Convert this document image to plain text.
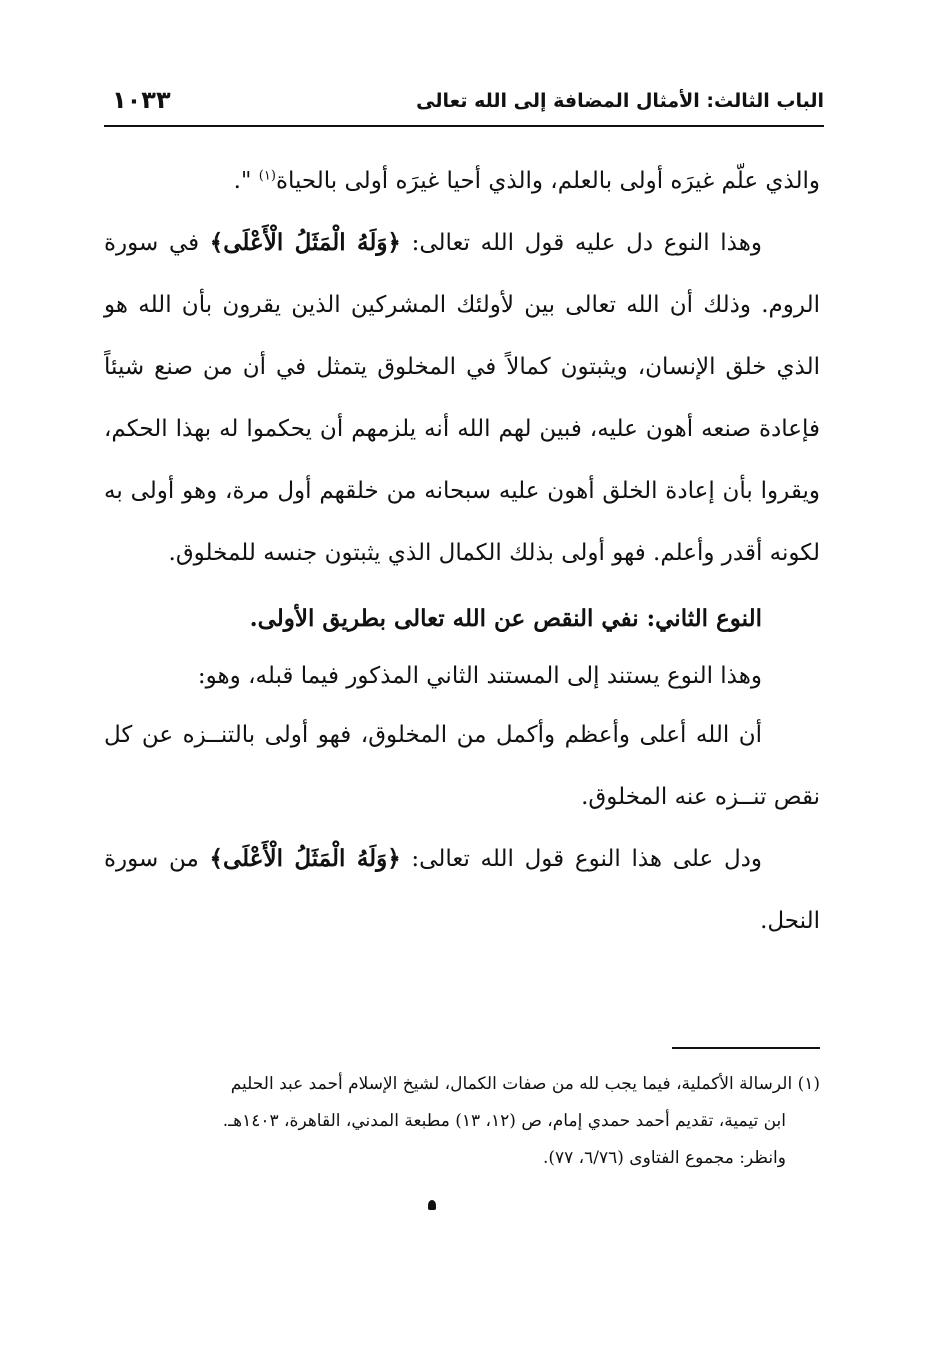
الباب الثالث: الأمثال المضافة إلى الله تعالى
١٠٣٣

والذي علّم غيرَه أولى بالعلم، والذي أحيا غيرَه أولى بالحياة$^{(١)}$ ".

وهذا النوع دل عليه قول الله تعالى: ﴿وَلَهُ الْمَثَلُ الْأَعْلَى﴾ في سورة الروم. وذلك أن الله تعالى بين لأولئك المشركين الذين يقرون بأن الله هو الذي خلق الإنسان، ويثبتون كمالاً في المخلوق يتمثل في أن من صنع شيئاً فإعادة صنعه أهون عليه، فبين لهم الله أنه يلزمهم أن يحكموا له بهذا الحكم، ويقروا بأن إعادة الخلق أهون عليه سبحانه من خلقهم أول مرة، وهو أولى به لكونه أقدر وأعلم. فهو أولى بذلك الكمال الذي يثبتون جنسه للمخلوق.

النوع الثاني: نفي النقص عن الله تعالى بطريق الأولى.

وهذا النوع يستند إلى المستند الثاني المذكور فيما قبله، وهو:

أن الله أعلى وأعظم وأكمل من المخلوق، فهو أولى بالتنــزه عن كل نقص تنــزه عنه المخلوق.

ودل على هذا النوع قول الله تعالى: ﴿وَلَهُ الْمَثَلُ الْأَعْلَى﴾ من سورة النحل.

(١) الرسالة الأكملية، فيما يجب لله من صفات الكمال، لشيخ الإسلام أحمد عبد الحليم
ابن تيمية، تقديم أحمد حمدي إمام، ص (١٢، ١٣) مطبعة المدني، القاهرة، ١٤٠٣هـ.

وانظر: مجموع الفتاوى (٦/٧٦، ٧٧).
